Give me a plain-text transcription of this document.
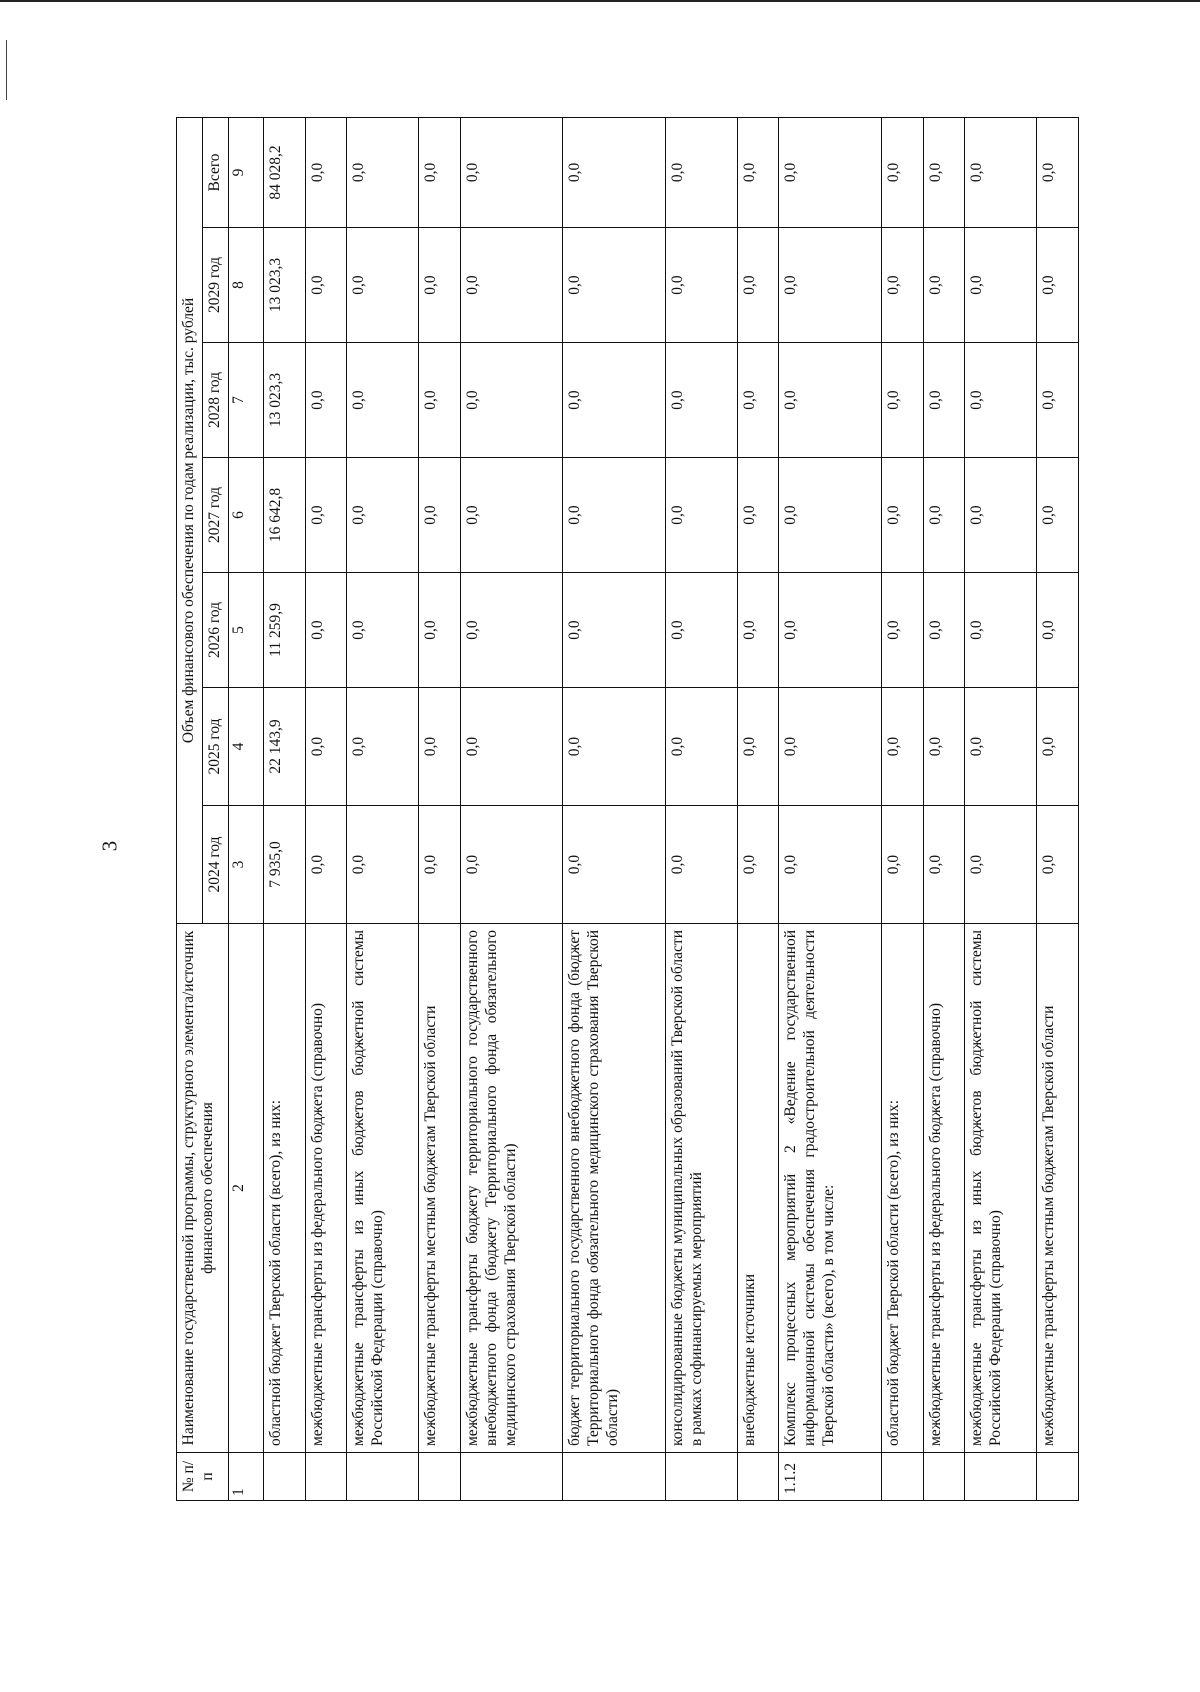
3
№ п/п	Наименование государственной программы, структурного элемента/источник финансового обеспечения	Объем финансового обеспечения по годам реализации, тыс. рублей						
		2024 год	2025 год	2026 год	2027 год	2028 год	2029 год	Всего
1	2	3	4	5	6	7	8	9
	областной бюджет Тверской области (всего), из них:	7 935,0	22 143,9	11 259,9	16 642,8	13 023,3	13 023,3	84 028,2
	межбюджетные трансферты из федерального бюджета (справочно)	0,0	0,0	0,0	0,0	0,0	0,0	0,0
	межбюджетные трансферты из иных бюджетов бюджетной системы Российской Федерации (справочно)	0,0	0,0	0,0	0,0	0,0	0,0	0,0
	межбюджетные трансферты местным бюджетам Тверской области	0,0	0,0	0,0	0,0	0,0	0,0	0,0
	межбюджетные трансферты бюджету территориального государственного внебюджетного фонда (бюджету Территориального фонда обязательного медицинского страхования Тверской области)	0,0	0,0	0,0	0,0	0,0	0,0	0,0
	бюджет территориального государственного внебюджетного фонда (бюджет Территориального фонда обязательного медицинского страхования Тверской области)	0,0	0,0	0,0	0,0	0,0	0,0	0,0
	консолидированные бюджеты муниципальных образований Тверской области в рамках софинансируемых мероприятий	0,0	0,0	0,0	0,0	0,0	0,0	0,0
	внебюджетные источники	0,0	0,0	0,0	0,0	0,0	0,0	0,0
1.1.2	Комплекс процессных мероприятий 2 «Ведение государственной информационной системы обеспечения градостроительной деятельности Тверской области» (всего), в том числе:	0,0	0,0	0,0	0,0	0,0	0,0	0,0
	областной бюджет Тверской области (всего), из них:	0,0	0,0	0,0	0,0	0,0	0,0	0,0
	межбюджетные трансферты из федерального бюджета (справочно)	0,0	0,0	0,0	0,0	0,0	0,0	0,0
	межбюджетные трансферты из иных бюджетов бюджетной системы Российской Федерации (справочно)	0,0	0,0	0,0	0,0	0,0	0,0	0,0
	межбюджетные трансферты местным бюджетам Тверской области	0,0	0,0	0,0	0,0	0,0	0,0	0,0
